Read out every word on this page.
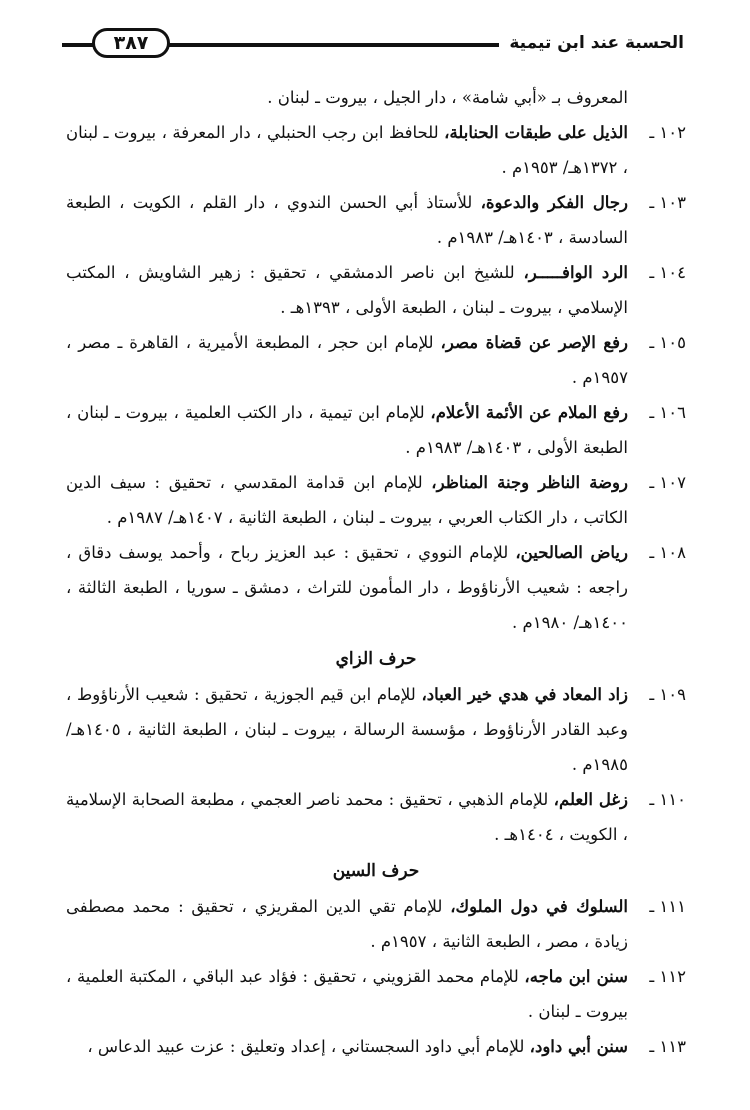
الحسبة عند ابن تيمية
٣٨٧

المعروف بـ «أبي شامة» ، دار الجيل ، بيروت ـ لبنان .

١٠٢ ـ
الذيل على طبقات الحنابلة، للحافظ ابن رجب الحنبلي ، دار المعرفة ، بيروت ـ لبنان ، ١٣٧٢هـ/ ١٩٥٣م .

١٠٣ ـ
رجال الفكر والدعوة، للأستاذ أبي الحسن الندوي ، دار القلم ، الكويت ، الطبعة السادسة ، ١٤٠٣هـ/ ١٩٨٣م .

١٠٤ ـ
الرد الوافـــــر، للشيخ ابن ناصر الدمشقي ، تحقيق : زهير الشاويش ، المكتب الإسلامي ، بيروت ـ لبنان ، الطبعة الأولى ، ١٣٩٣هـ .

١٠٥ ـ
رفع الإصر عن قضاة مصر، للإمام ابن حجر ، المطبعة الأميرية ، القاهرة ـ مصر ، ١٩٥٧م .

١٠٦ ـ
رفع الملام عن الأئمة الأعلام، للإمام ابن تيمية ، دار الكتب العلمية ، بيروت ـ لبنان ، الطبعة الأولى ، ١٤٠٣هـ/ ١٩٨٣م .

١٠٧ ـ
روضة الناظر وجنة المناظر، للإمام ابن قدامة المقدسي ، تحقيق : سيف الدين الكاتب ، دار الكتاب العربي ، بيروت ـ لبنان ، الطبعة الثانية ، ١٤٠٧هـ/ ١٩٨٧م .

١٠٨ ـ
رياض الصالحين، للإمام النووي ، تحقيق : عبد العزيز رباح ، وأحمد يوسف دقاق ، راجعه : شعيب الأرناؤوط ، دار المأمون للتراث ، دمشق ـ سوريا ، الطبعة الثالثة ، ١٤٠٠هـ/ ١٩٨٠م .

حرف الزاي

١٠٩ ـ
زاد المعاد في هدي خير العباد، للإمام ابن قيم الجوزية ، تحقيق : شعيب الأرناؤوط ، وعبد القادر الأرناؤوط ، مؤسسة الرسالة ، بيروت ـ لبنان ، الطبعة الثانية ، ١٤٠٥هـ/ ١٩٨٥م .

١١٠ ـ
زغل العلم، للإمام الذهبي ، تحقيق : محمد ناصر العجمي ، مطبعة الصحابة الإسلامية ، الكويت ، ١٤٠٤هـ .

حرف السين

١١١ ـ
السلوك في دول الملوك، للإمام تقي الدين المقريزي ، تحقيق : محمد مصطفى زيادة ، مصر ، الطبعة الثانية ، ١٩٥٧م .

١١٢ ـ
سنن ابن ماجه، للإمام محمد القزويني ، تحقيق : فؤاد عبد الباقي ، المكتبة العلمية ، بيروت ـ لبنان .

١١٣ ـ
سنن أبي داود، للإمام أبي داود السجستاني ، إعداد وتعليق : عزت عبيد الدعاس ،
